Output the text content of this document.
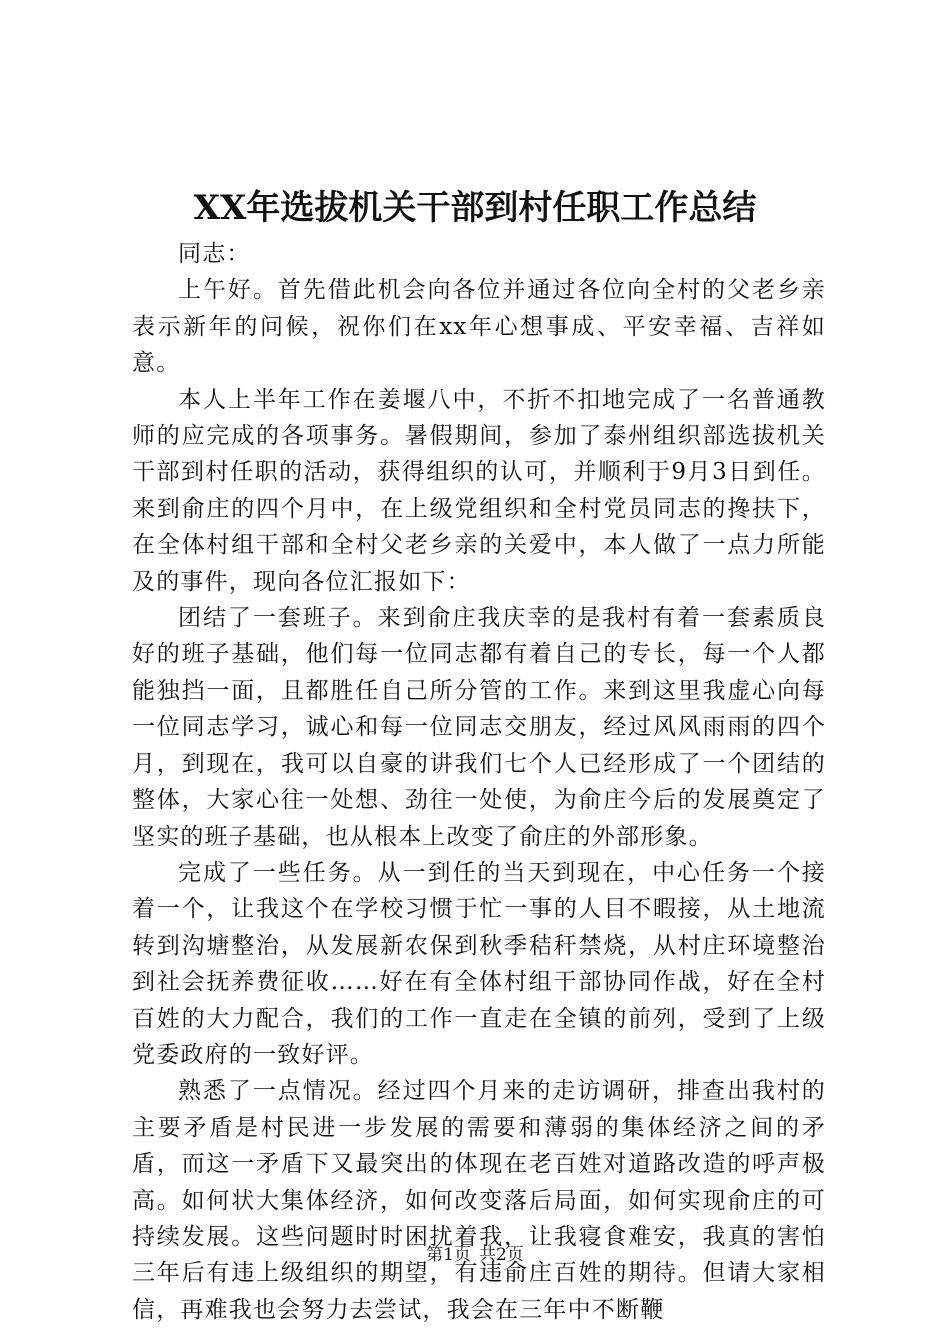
XX年选拔机关干部到村任职工作总结

同志：

上午好。首先借此机会向各位并通过各位向全村的父老乡亲表示新年的问候，祝你们在xx年心想事成、平安幸福、吉祥如意。

本人上半年工作在姜堰八中，不折不扣地完成了一名普通教师的应完成的各项事务。暑假期间，参加了泰州组织部选拔机关干部到村任职的活动，获得组织的认可，并顺利于9月3日到任。来到俞庄的四个月中，在上级党组织和全村党员同志的搀扶下，在全体村组干部和全村父老乡亲的关爱中，本人做了一点力所能及的事件，现向各位汇报如下：

团结了一套班子。来到俞庄我庆幸的是我村有着一套素质良好的班子基础，他们每一位同志都有着自己的专长，每一个人都能独挡一面，且都胜任自己所分管的工作。来到这里我虚心向每一位同志学习，诚心和每一位同志交朋友，经过风风雨雨的四个月，到现在，我可以自豪的讲我们七个人已经形成了一个团结的整体，大家心往一处想、劲往一处使，为俞庄今后的发展奠定了坚实的班子基础，也从根本上改变了俞庄的外部形象。

完成了一些任务。从一到任的当天到现在，中心任务一个接着一个，让我这个在学校习惯于忙一事的人目不暇接，从土地流转到沟塘整治，从发展新农保到秋季秸秆禁烧，从村庄环境整治到社会抚养费征收……好在有全体村组干部协同作战，好在全村百姓的大力配合，我们的工作一直走在全镇的前列，受到了上级党委政府的一致好评。

熟悉了一点情况。经过四个月来的走访调研，排查出我村的主要矛盾是村民进一步发展的需要和薄弱的集体经济之间的矛盾，而这一矛盾下又最突出的体现在老百姓对道路改造的呼声极高。如何状大集体经济，如何改变落后局面，如何实现俞庄的可持续发展。这些问题时时困扰着我，让我寝食难安，我真的害怕三年后有违上级组织的期望，有违俞庄百姓的期待。但请大家相信，再难我也会努力去尝试，我会在三年中不断鞭

第1页 共2页
